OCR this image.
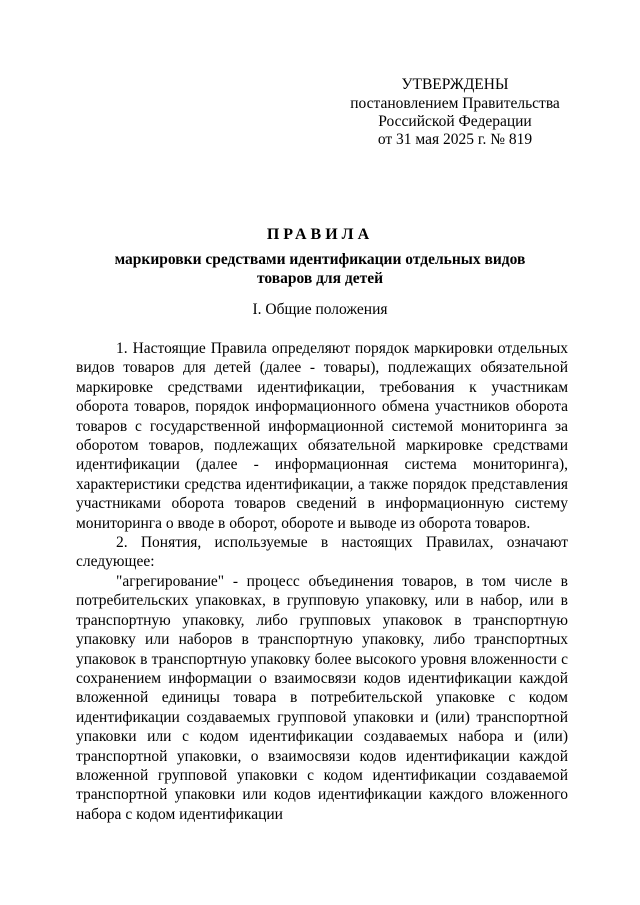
УТВЕРЖДЕНЫ
постановлением Правительства
Российской Федерации
от 31 мая 2025 г. № 819
ПРАВИЛА
маркировки средствами идентификации отдельных видов
товаров для детей
I. Общие положения

1. Настоящие Правила определяют порядок маркировки отдельных видов товаров для детей (далее - товары), подлежащих обязательной маркировке средствами идентификации, требования к участникам оборота товаров, порядок информационного обмена участников оборота товаров с государственной информационной системой мониторинга за оборотом товаров, подлежащих обязательной маркировке средствами идентификации (далее - информационная система мониторинга), характеристики средства идентификации, а также порядок представления участниками оборота товаров сведений в информационную систему мониторинга о вводе в оборот, обороте и выводе из оборота товаров.

2. Понятия, используемые в настоящих Правилах, означают следующее:

"агрегирование" - процесс объединения товаров, в том числе в потребительских упаковках, в групповую упаковку, или в набор, или в транспортную упаковку, либо групповых упаковок в транспортную упаковку или наборов в транспортную упаковку, либо транспортных упаковок в транспортную упаковку более высокого уровня вложенности с сохранением информации о взаимосвязи кодов идентификации каждой вложенной единицы товара в потребительской упаковке с кодом идентификации создаваемых групповой упаковки и (или) транспортной упаковки или с кодом идентификации создаваемых набора и (или) транспортной упаковки, о взаимосвязи кодов идентификации каждой вложенной групповой упаковки с кодом идентификации создаваемой транспортной упаковки или кодов идентификации каждого вложенного набора с кодом идентификации
